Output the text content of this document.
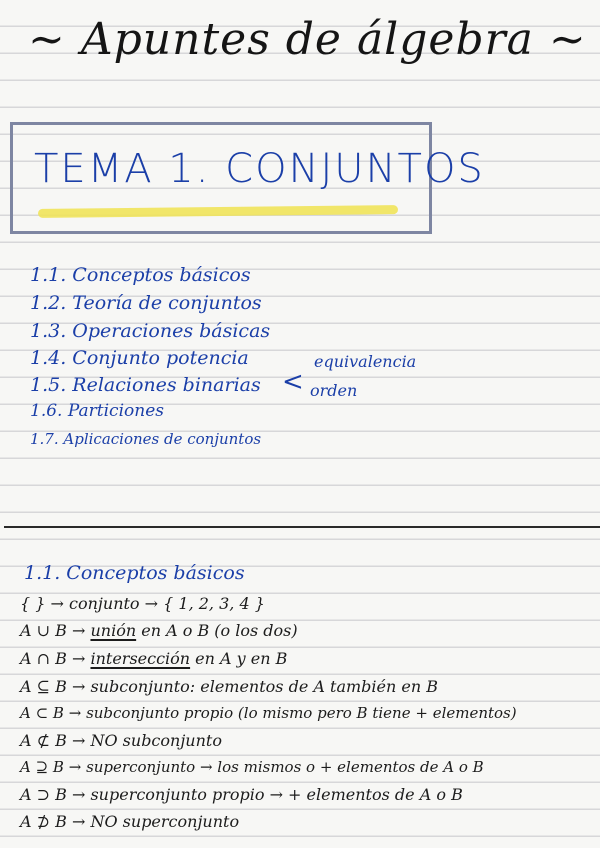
~ Apuntes de álgebra ~
TEMA 1. CONJUNTOS
1.1. Conceptos básicos
1.2. Teoría de conjuntos
1.3. Operaciones básicas
1.4. Conjunto potencia
1.5. Relaciones binarias
1.6. Particiones
1.7. Aplicaciones de conjuntos
<
equivalencia
orden
1.1. Conceptos básicos
{ } → conjunto → { 1, 2, 3, 4 }
A ∪ B → unión en A o B (o los dos)
A ∩ B → intersección en A y en B
A ⊆ B → subconjunto: elementos de A también en B
A ⊂ B → subconjunto propio (lo mismo pero B tiene + elementos)
A ⊄ B → NO subconjunto
A ⊇ B → superconjunto → los mismos o + elementos de A o B
A ⊃ B → superconjunto propio → + elementos de A o B
A ⊅ B → NO superconjunto
